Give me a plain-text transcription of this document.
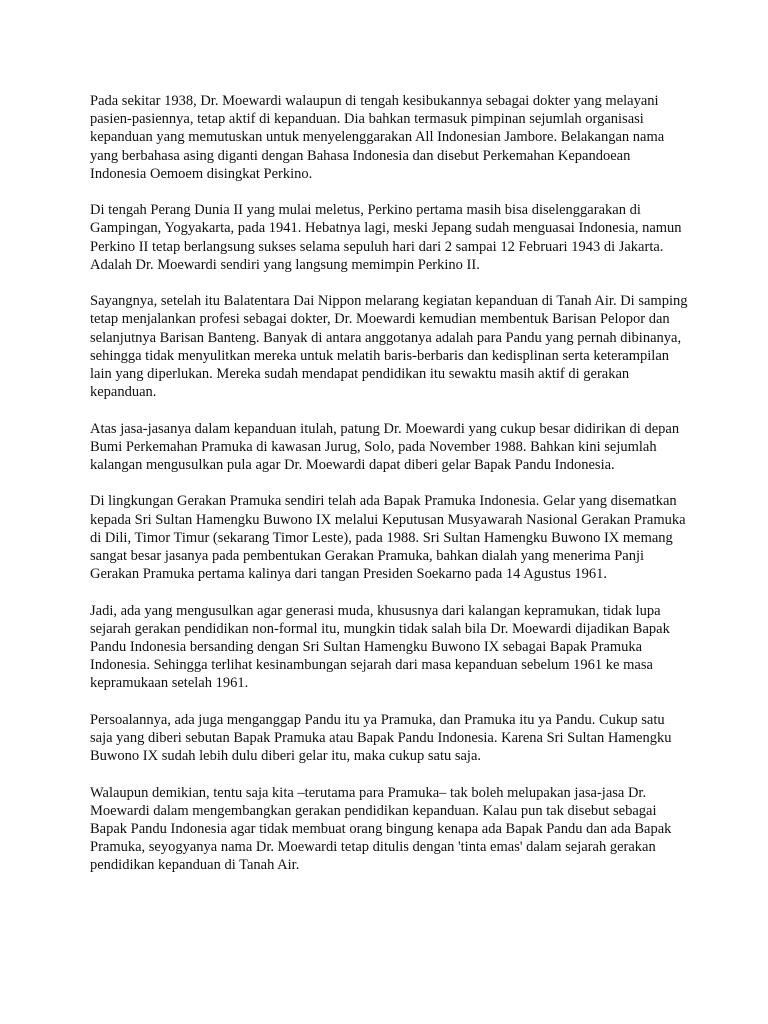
Pada sekitar 1938, Dr. Moewardi walaupun di tengah kesibukannya sebagai dokter yang melayani pasien-pasiennya, tetap aktif di kepanduan. Dia bahkan termasuk pimpinan sejumlah organisasi kepanduan yang memutuskan untuk menyelenggarakan All Indonesian Jambore. Belakangan nama yang berbahasa asing diganti dengan Bahasa Indonesia dan disebut Perkemahan Kepandoean Indonesia Oemoem disingkat Perkino.

Di tengah Perang Dunia II yang mulai meletus, Perkino pertama masih bisa diselenggarakan di Gampingan, Yogyakarta, pada 1941. Hebatnya lagi, meski Jepang sudah menguasai Indonesia, namun Perkino II tetap berlangsung sukses selama sepuluh hari dari 2 sampai 12 Februari 1943 di Jakarta. Adalah Dr. Moewardi sendiri yang langsung memimpin Perkino II.

Sayangnya, setelah itu Balatentara Dai Nippon melarang kegiatan kepanduan di Tanah Air. Di samping tetap menjalankan profesi sebagai dokter, Dr. Moewardi kemudian membentuk Barisan Pelopor dan selanjutnya Barisan Banteng. Banyak di antara anggotanya adalah para Pandu yang pernah dibinanya, sehingga tidak menyulitkan mereka untuk melatih baris-berbaris dan kedisplinan serta keterampilan lain yang diperlukan. Mereka sudah mendapat pendidikan itu sewaktu masih aktif di gerakan kepanduan.

Atas jasa-jasanya dalam kepanduan itulah, patung Dr. Moewardi yang cukup besar didirikan di depan Bumi Perkemahan Pramuka di kawasan Jurug, Solo, pada November 1988. Bahkan kini sejumlah kalangan mengusulkan pula agar Dr. Moewardi dapat diberi gelar Bapak Pandu Indonesia.

Di lingkungan Gerakan Pramuka sendiri telah ada Bapak Pramuka Indonesia. Gelar yang disematkan kepada Sri Sultan Hamengku Buwono IX melalui Keputusan Musyawarah Nasional Gerakan Pramuka di Dili, Timor Timur (sekarang Timor Leste), pada 1988. Sri Sultan Hamengku Buwono IX memang sangat besar jasanya pada pembentukan Gerakan Pramuka, bahkan dialah yang menerima Panji Gerakan Pramuka pertama kalinya dari tangan Presiden Soekarno pada 14 Agustus 1961.

Jadi, ada yang mengusulkan agar generasi muda, khususnya dari kalangan kepramukan, tidak lupa sejarah gerakan pendidikan non-formal itu, mungkin tidak salah bila Dr. Moewardi dijadikan Bapak Pandu Indonesia bersanding dengan Sri Sultan Hamengku Buwono IX sebagai Bapak Pramuka Indonesia. Sehingga terlihat kesinambungan sejarah dari masa kepanduan sebelum 1961 ke masa kepramukaan setelah 1961.

Persoalannya, ada juga menganggap Pandu itu ya Pramuka, dan Pramuka itu ya Pandu. Cukup satu saja yang diberi sebutan Bapak Pramuka atau Bapak Pandu Indonesia. Karena Sri Sultan Hamengku Buwono IX sudah lebih dulu diberi gelar itu, maka cukup satu saja.

Walaupun demikian, tentu saja kita –terutama para Pramuka– tak boleh melupakan jasa-jasa Dr. Moewardi dalam mengembangkan gerakan pendidikan kepanduan. Kalau pun tak disebut sebagai Bapak Pandu Indonesia agar tidak membuat orang bingung kenapa ada Bapak Pandu dan ada Bapak Pramuka, seyogyanya nama Dr. Moewardi tetap ditulis dengan 'tinta emas' dalam sejarah gerakan pendidikan kepanduan di Tanah Air.
